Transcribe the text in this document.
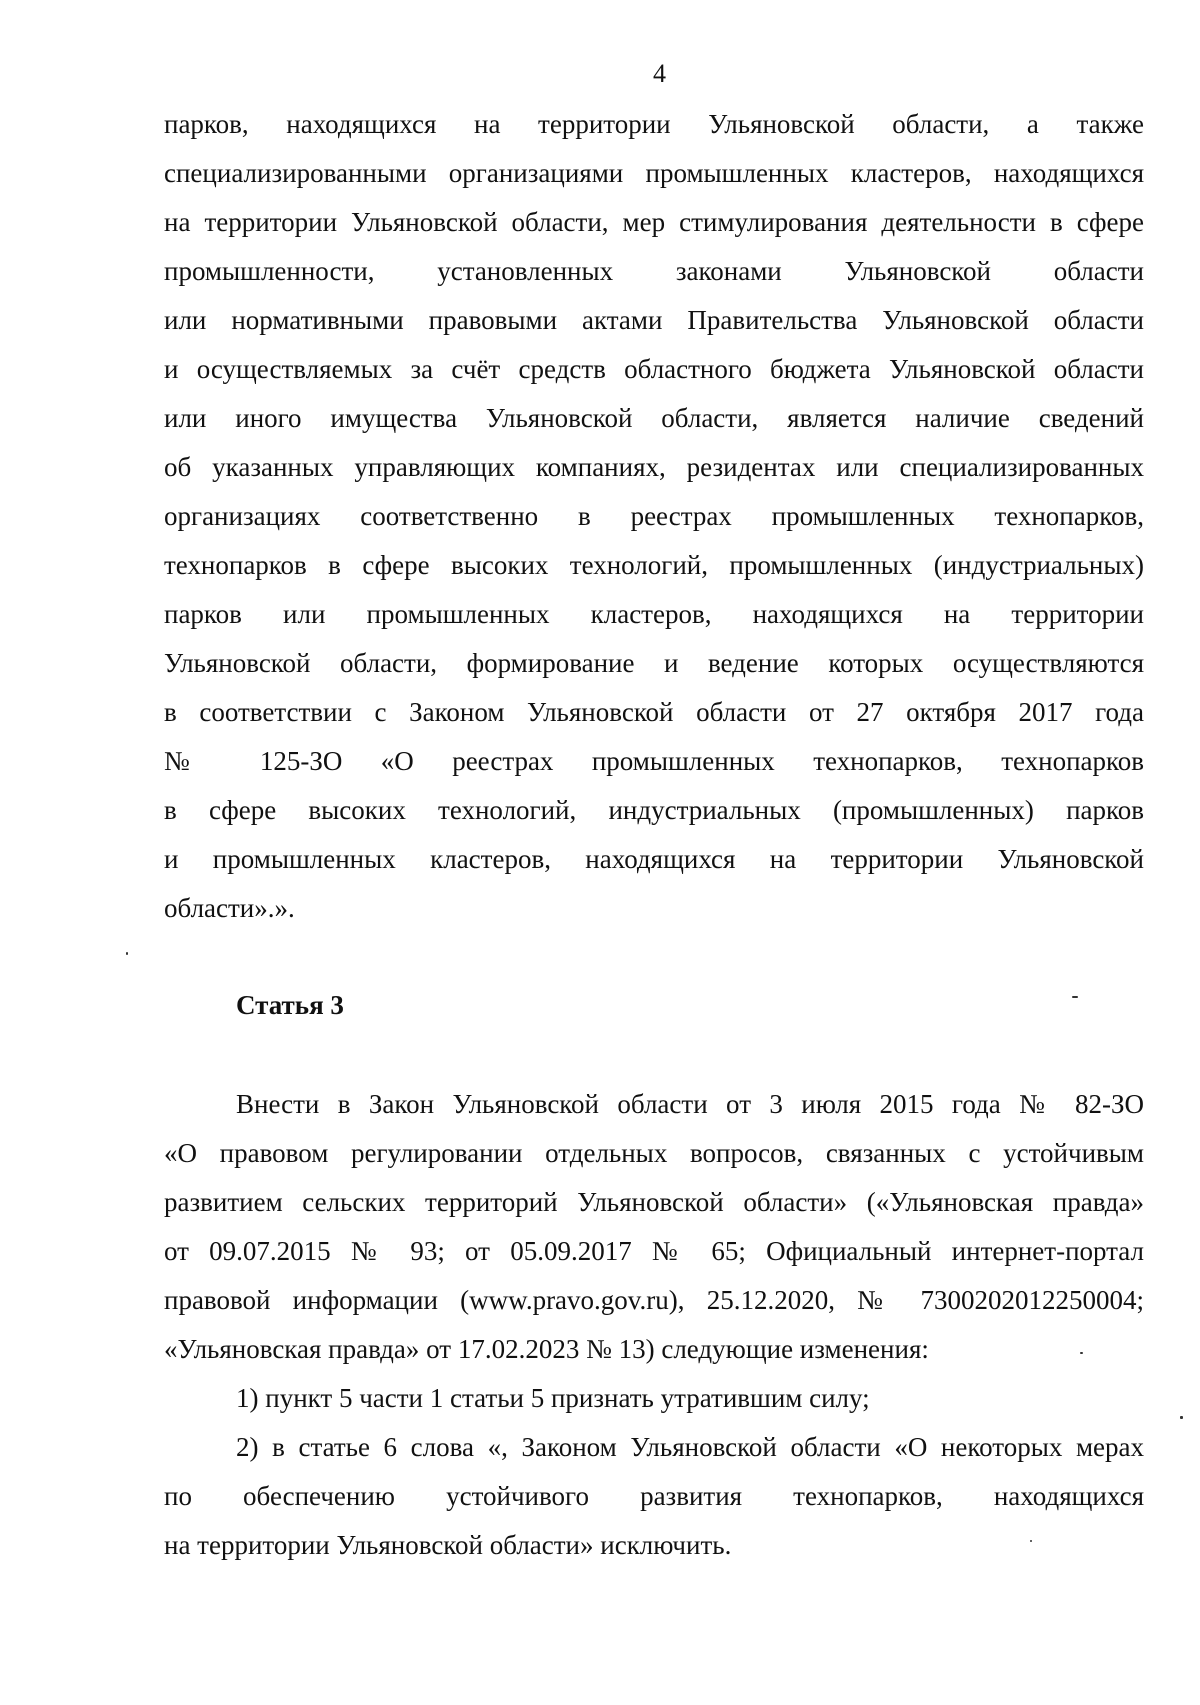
4
парков, находящихся на территории Ульяновской области, а также
специализированными организациями промышленных кластеров, находящихся
на территории Ульяновской области, мер стимулирования деятельности в сфере
промышленности, установленных законами Ульяновской области
или нормативными правовыми актами Правительства Ульяновской области
и осуществляемых за счёт средств областного бюджета Ульяновской области
или иного имущества Ульяновской области, является наличие сведений
об указанных управляющих компаниях, резидентах или специализированных
организациях соответственно в реестрах промышленных технопарков,
технопарков в сфере высоких технологий, промышленных (индустриальных)
парков или промышленных кластеров, находящихся на территории
Ульяновской области, формирование и ведение которых осуществляются
в соответствии с Законом Ульяновской области от 27 октября 2017 года
№ 125-ЗО «О реестрах промышленных технопарков, технопарков
в сфере высоких технологий, индустриальных (промышленных) парков
и промышленных кластеров, находящихся на территории Ульяновской
области».».
Статья 3
Внести в Закон Ульяновской области от 3 июля 2015 года № 82-ЗО
«О правовом регулировании отдельных вопросов, связанных с устойчивым
развитием сельских территорий Ульяновской области» («Ульяновская правда»
от 09.07.2015 № 93; от 05.09.2017 № 65; Официальный интернет-портал
правовой информации (www.pravo.gov.ru), 25.12.2020, № 7300202012250004;
«Ульяновская правда» от 17.02.2023 № 13) следующие изменения:
1) пункт 5 части 1 статьи 5 признать утратившим силу;
2) в статье 6 слова «, Законом Ульяновской области «О некоторых мерах
по обеспечению устойчивого развития технопарков, находящихся
на территории Ульяновской области» исключить.
